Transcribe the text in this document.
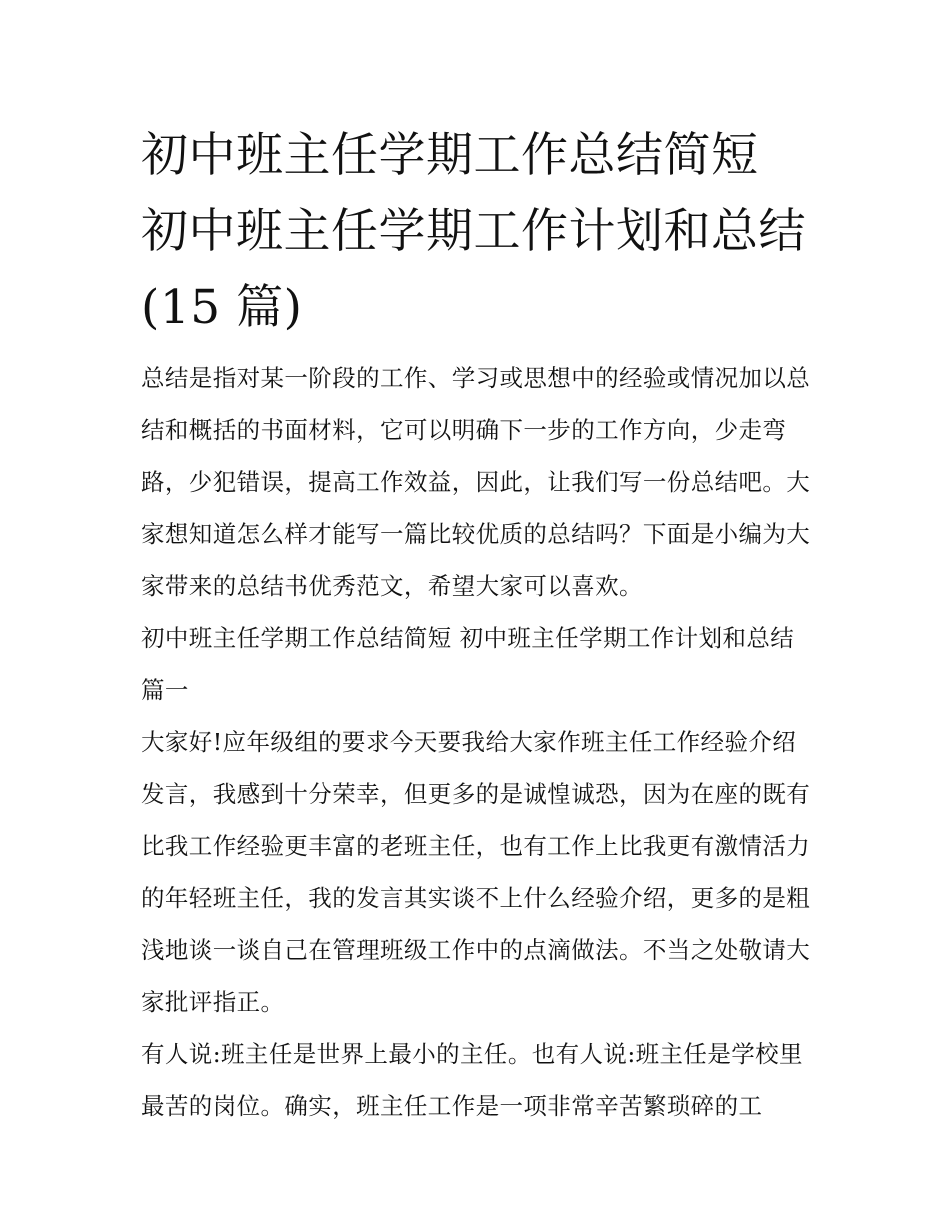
初中班主任学期工作总结简短 初中班主任学期工作计划和总结(15 篇)

总结是指对某一阶段的工作、学习或思想中的经验或情况加以总结和概括的书面材料，它可以明确下一步的工作方向，少走弯路，少犯错误，提高工作效益，因此，让我们写一份总结吧。大家想知道怎么样才能写一篇比较优质的总结吗？下面是小编为大家带来的总结书优秀范文，希望大家可以喜欢。

初中班主任学期工作总结简短 初中班主任学期工作计划和总结篇一

大家好!应年级组的要求今天要我给大家作班主任工作经验介绍发言，我感到十分荣幸，但更多的是诚惶诚恐，因为在座的既有比我工作经验更丰富的老班主任，也有工作上比我更有激情活力的年轻班主任，我的发言其实谈不上什么经验介绍，更多的是粗浅地谈一谈自己在管理班级工作中的点滴做法。不当之处敬请大家批评指正。

有人说:班主任是世界上最小的主任。也有人说:班主任是学校里最苦的岗位。确实，班主任工作是一项非常辛苦繁琐碎的工
